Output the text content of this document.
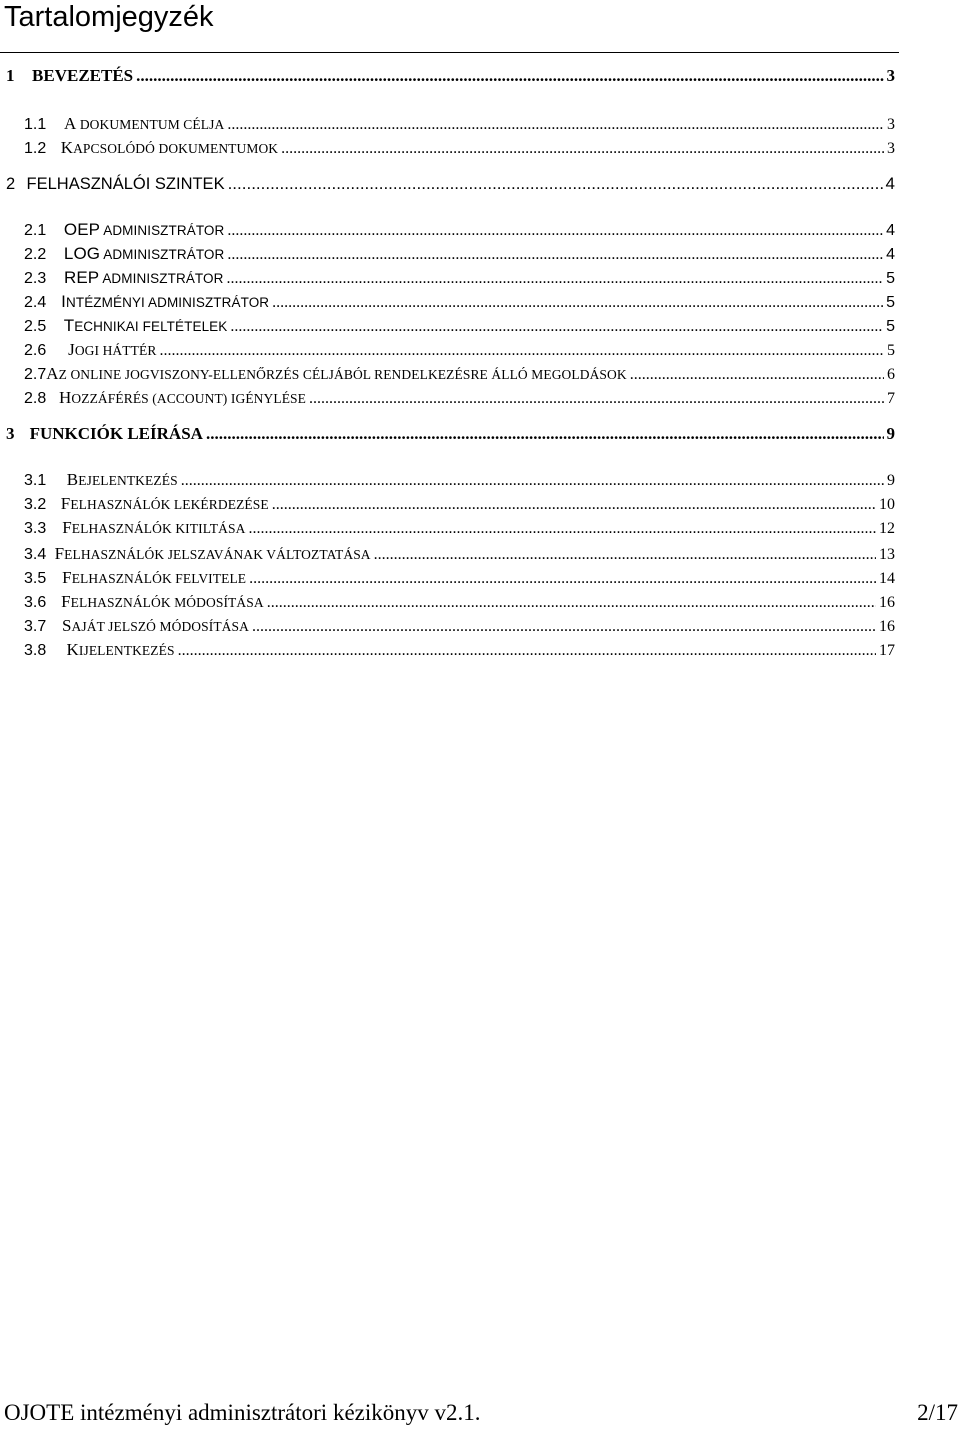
Tartalomjegyzék
1	BEVEZETÉS .....	3
1.1	A DOKUMENTUM CÉLJA .....	3
1.2 KAPCSOLÓDÓ DOKUMENTUMOK .....	3
2 FELHASZNÁLÓI SZINTEK .....	4
2.1	OEP ADMINISZTRÁTOR .....	4
2.2	LOG ADMINISZTRÁTOR .....	4
2.3	REP ADMINISZTRÁTOR .....	5
2.4 INTÉZMÉNYI ADMINISZTRÁTOR .....	5
2.5	TECHNIKAI FELTÉTELEK .....	5
2.6	JOGI HÁTTÉR .....	5
2.7 AZ ONLINE JOGVISZONY-ELLENŐRZÉS CÉLJÁBÓL RENDELKEZÉSRE ÁLLÓ MEGOLDÁSOK .....	6
2.8 HOZZÁFÉRÉS (ACCOUNT) IGÉNYLÉSE .....	7
3 FUNKCIÓK LEÍRÁSA .....	9
3.1	BEJELENTKEZÉS .....	9
3.2 FELHASZNÁLÓK LEKÉRDEZÉSE .....	10
3.3 FELHASZNÁLÓK KITILTÁSA .....	12
3.4 FELHASZNÁLÓK JELSZAVÁNAK VÁLTOZTATÁSA .....	13
3.5 FELHASZNÁLÓK FELVITELE .....	14
3.6 FELHASZNÁLÓK MÓDOSÍTÁSA .....	16
3.7 SAJÁT JELSZÓ MÓDOSÍTÁSA .....	16
3.8	KIJELENTKEZÉS .....	17
OJOTE intézményi adminisztrátori kézikönyv v2.1.	2/17
